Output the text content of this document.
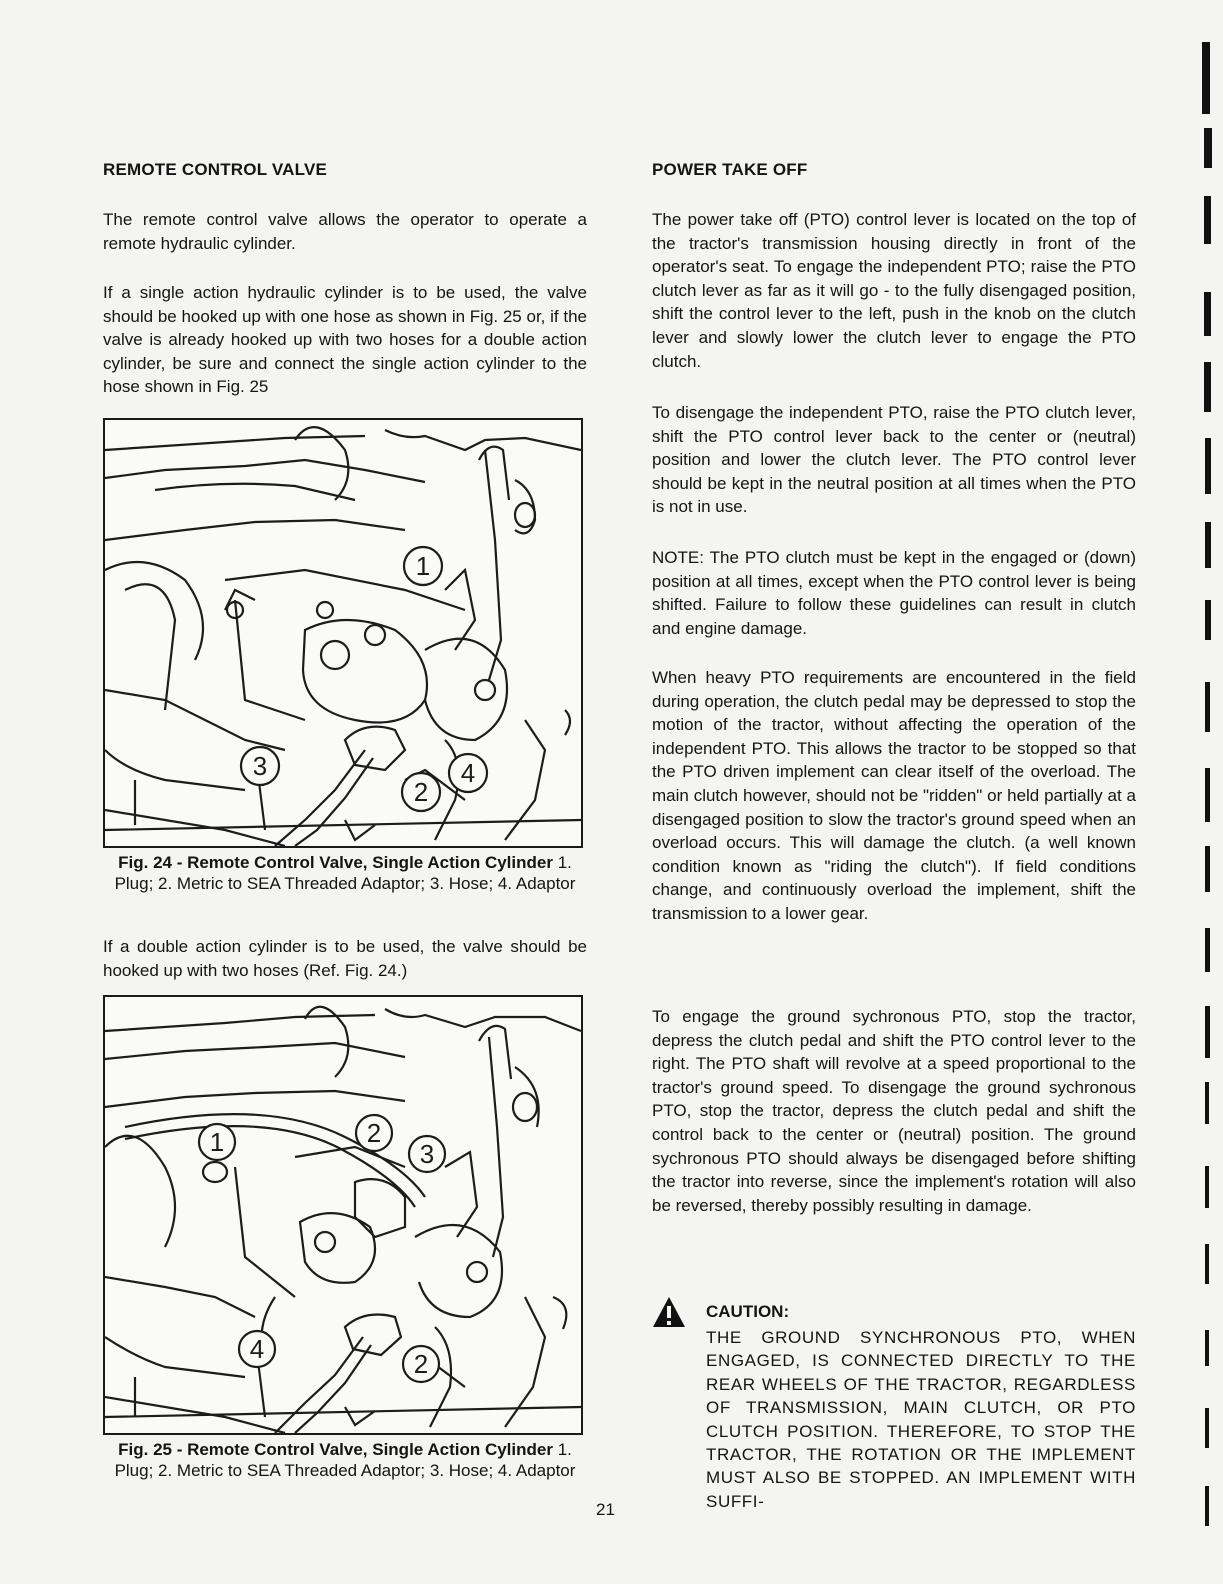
REMOTE CONTROL VALVE

The remote control valve allows the operator to operate a remote hydraulic cylinder.

If a single action hydraulic cylinder is to be used, the valve should be hooked up with one hose as shown in Fig. 25 or, if the valve is already hooked up with two hoses for a double action cylinder, be sure and connect the single action cylinder to the hose shown in Fig. 25

1
3	4
2
Fig. 24 - Remote Control Valve, Single Action Cylinder 1. Plug; 2. Metric to SEA Threaded Adaptor; 3. Hose; 4. Adaptor

If a double action cylinder is to be used, the valve should be hooked up with two hoses (Ref. Fig. 24.)

1	2
3
4	2
Fig. 25 - Remote Control Valve, Single Action Cylinder 1. Plug; 2. Metric to SEA Threaded Adaptor; 3. Hose; 4. Adaptor
POWER TAKE OFF

The power take off (PTO) control lever is located on the top of the tractor's transmission housing directly in front of the operator's seat. To engage the independent PTO; raise the PTO clutch lever as far as it will go - to the fully disengaged position, shift the control lever to the left, push in the knob on the clutch lever and slowly lower the clutch lever to engage the PTO clutch.

To disengage the independent PTO, raise the PTO clutch lever, shift the PTO control lever back to the center or (neutral) position and lower the clutch lever. The PTO control lever should be kept in the neutral position at all times when the PTO is not in use.

NOTE: The PTO clutch must be kept in the engaged or (down) position at all times, except when the PTO control lever is being shifted. Failure to follow these guidelines can result in clutch and engine damage.

When heavy PTO requirements are encountered in the field during operation, the clutch pedal may be depressed to stop the motion of the tractor, without affecting the operation of the independent PTO. This allows the tractor to be stopped so that the PTO driven implement can clear itself of the overload. The main clutch however, should not be "ridden" or held partially at a disengaged position to slow the tractor's ground speed when an overload occurs. This will damage the clutch. (a well known condition known as "riding the clutch"). If field conditions change, and continuously overload the implement, shift the transmission to a lower gear.

To engage the ground sychronous PTO, stop the tractor, depress the clutch pedal and shift the PTO control lever to the right. The PTO shaft will revolve at a speed proportional to the tractor's ground speed. To disengage the ground sychronous PTO, stop the tractor, depress the clutch pedal and shift the control back to the center or (neutral) position. The ground sychronous PTO should always be disengaged before shifting the tractor into reverse, since the implement's rotation will also be reversed, thereby possibly resulting in damage.

CAUTION:

THE GROUND SYNCHRONOUS PTO, WHEN ENGAGED, IS CONNECTED DIRECTLY TO THE REAR WHEELS OF THE TRACTOR, REGARDLESS OF TRANSMISSION, MAIN CLUTCH, OR PTO CLUTCH POSITION. THEREFORE, TO STOP THE TRACTOR, THE ROTATION OR THE IMPLEMENT MUST ALSO BE STOPPED. AN IMPLEMENT WITH SUFFI-

21
